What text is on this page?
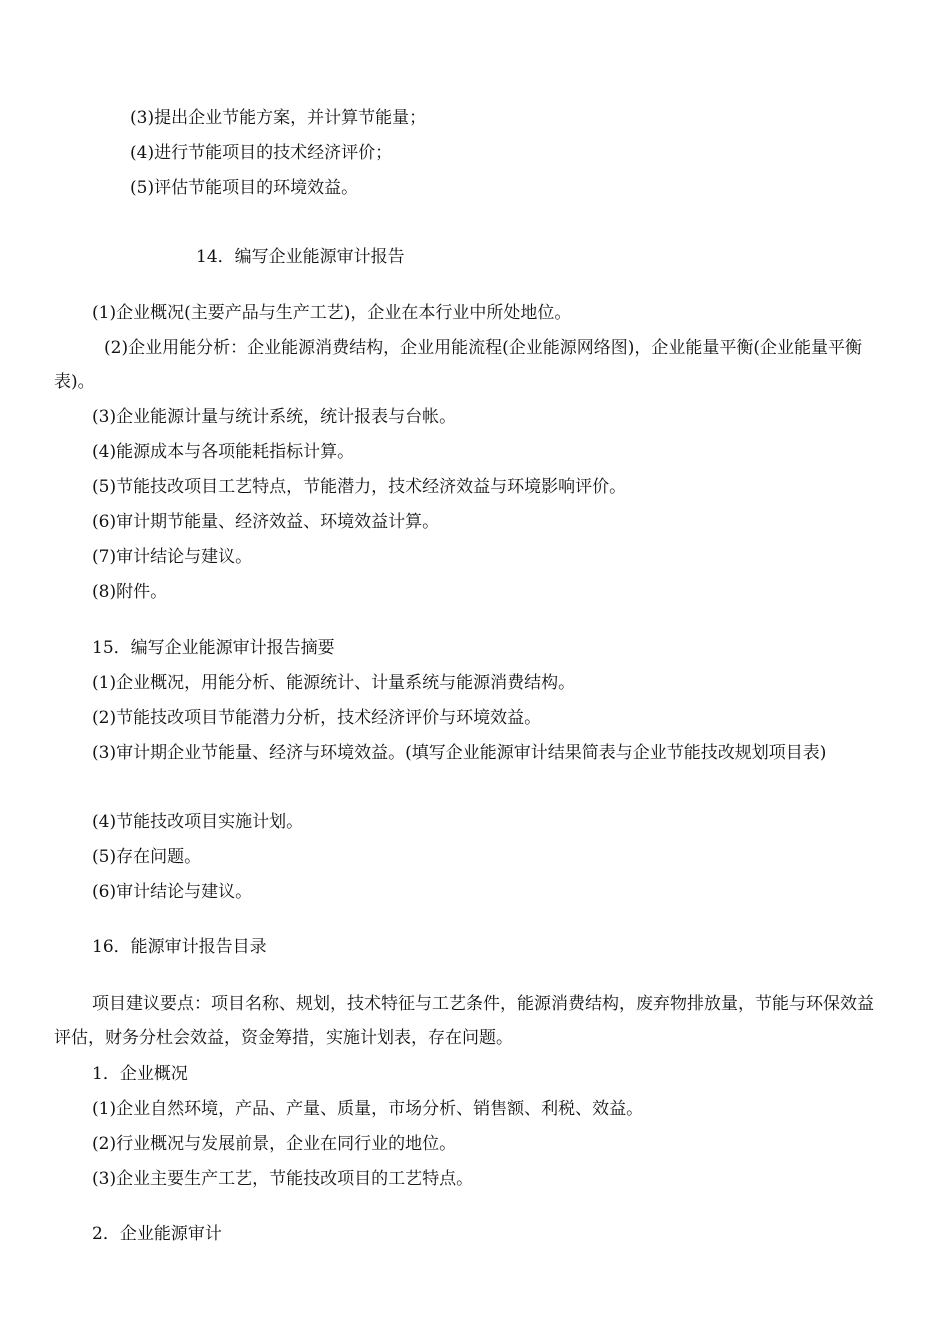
(3)提出企业节能方案，并计算节能量；
(4)进行节能项目的技术经济评价；
(5)评估节能项目的环境效益。
14．编写企业能源审计报告
(1)企业概况(主要产品与生产工艺)，企业在本行业中所处地位。
(2)企业用能分析：企业能源消费结构，企业用能流程(企业能源网络图)，企业能量平衡(企业能量平衡表)。
(3)企业能源计量与统计系统，统计报表与台帐。
(4)能源成本与各项能耗指标计算。
(5)节能技改项目工艺特点，节能潜力，技术经济效益与环境影响评价。
(6)审计期节能量、经济效益、环境效益计算。
(7)审计结论与建议。
(8)附件。
15．编写企业能源审计报告摘要
(1)企业概况，用能分析、能源统计、计量系统与能源消费结构。
(2)节能技改项目节能潜力分析，技术经济评价与环境效益。
(3)审计期企业节能量、经济与环境效益。(填写企业能源审计结果简表与企业节能技改规划项目表)
(4)节能技改项目实施计划。
(5)存在问题。
(6)审计结论与建议。
16．能源审计报告目录
项目建议要点：项目名称、规划，技术特征与工艺条件，能源消费结构，废弃物排放量，节能与环保效益评估，财务分杜会效益，资金筹措，实施计划表，存在问题。
1．企业概况
(1)企业自然环境，产品、产量、质量，市场分析、销售额、利税、效益。
(2)行业概况与发展前景，企业在同行业的地位。
(3)企业主要生产工艺，节能技改项目的工艺特点。
2．企业能源审计
